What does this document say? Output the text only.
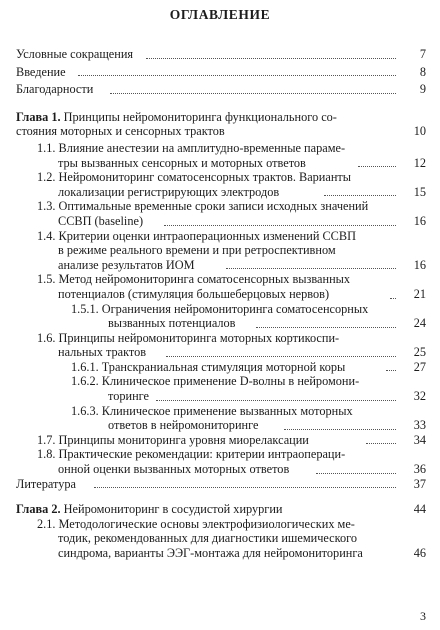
ОГЛАВЛЕНИЕ
Условные сокращения	7
Введение	8
Благодарности	9
Глава 1. Принципы нейромониторинга функционального со-
стояния моторных и сенсорных трактов	10
1.1. Влияние анестезии на амплитудно-временные параме-
тры вызванных сенсорных и моторных ответов	12
1.2. Нейромониторинг соматосенсорных трактов. Варианты
локализации регистрирующих электродов	15
1.3. Оптимальные временные сроки записи исходных значений
ССВП (baseline)	16
1.4. Критерии оценки интраоперационных изменений ССВП
в режиме реального времени и при ретроспективном
анализе результатов ИОМ	16
1.5. Метод нейромониторинга соматосенсорных вызванных
потенциалов (стимуляция большеберцовых нервов)	21
1.5.1. Ограничения нейромониторинга соматосенсорных
вызванных потенциалов	24
1.6. Принципы нейромониторинга моторных кортикоспи-
нальных трактов	25
1.6.1. Транскраниальная стимуляция моторной коры	27
1.6.2. Клиническое применение D-волны в нейромони-
торинге	32
1.6.3. Клиническое применение вызванных моторных
ответов в нейромониторинге	33
1.7. Принципы мониторинга уровня миорелаксации	34
1.8. Практические рекомендации: критерии интраопераци-
онной оценки вызванных моторных ответов	36
Литература	37
Глава 2. Нейромониторинг в сосудистой хирургии	44
2.1. Методологические основы электрофизиологических ме-
тодик, рекомендованных для диагностики ишемического
синдрома, варианты ЭЭГ-монтажа для нейромониторинга	46
3
